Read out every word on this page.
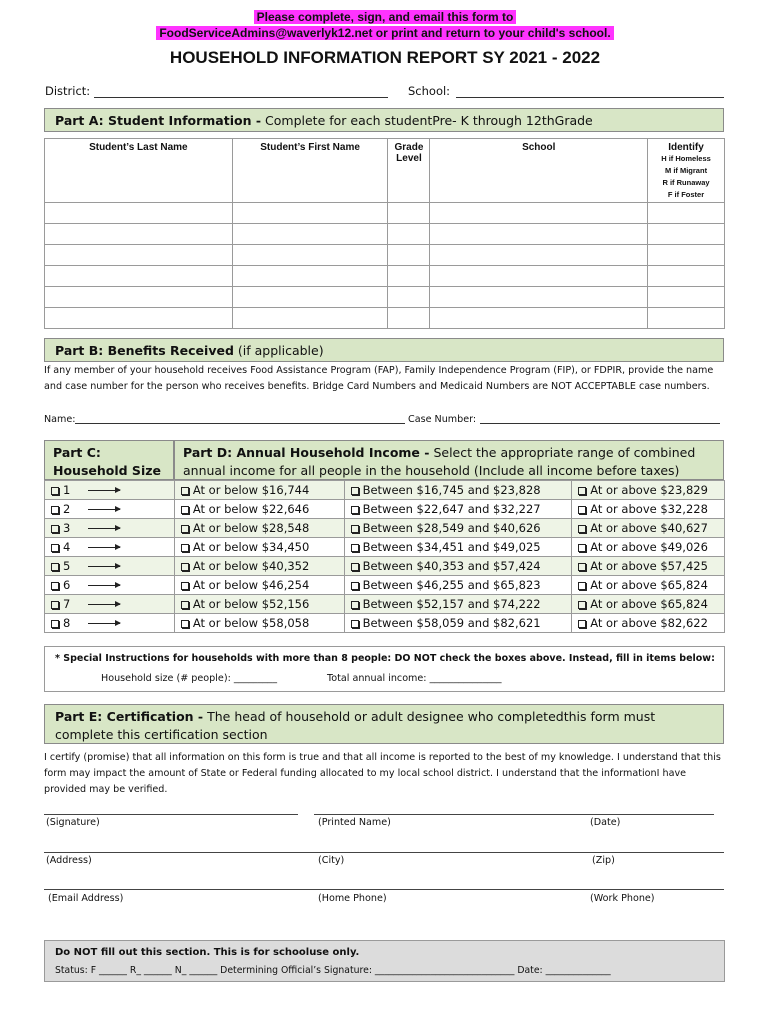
Please complete, sign, and email this form to
FoodServiceAdmins@waverlyk12.net or print and return to your child's school.
HOUSEHOLD INFORMATION REPORT SY 2021 - 2022
District:	School:
Part A: Student Information - Complete for each studentPre- K through 12thGrade
Student’s Last Name	Student’s First Name	Grade Level	School	Identify
H if Homeless
M if Migrant
R if Runaway
F if Foster

Part B: Benefits Received (if applicable)
If any member of your household receives Food Assistance Program (FAP), Family Independence Program (FIP), or FDPIR, provide the name and case number for the person who receives benefits. Bridge Card Numbers and Medicaid Numbers are NOT ACCEPTABLE case numbers.
Name:	Case Number:
Part C:
Household Size
Part D: Annual Household Income - Select the appropriate range of combined annual income for all people in the household (Include all income before taxes)
1	At or below $16,744	Between $16,745 and $23,828	At or above $23,829
2	At or below $22,646	Between $22,647 and $32,227	At or above $32,228
3	At or below $28,548	Between $28,549 and $40,626	At or above $40,627
4	At or below $34,450	Between $34,451 and $49,025	At or above $49,026
5	At or below $40,352	Between $40,353 and $57,424	At or above $57,425
6	At or below $46,254	Between $46,255 and $65,823	At or above $65,824
7	At or below $52,156	Between $52,157 and $74,222	At or above $65,824
8	At or below $58,058	Between $58,059 and $82,621	At or above $82,622
* Special Instructions for households with more than 8 people: DO NOT check the boxes above. Instead, fill in items below:
Household size (# people): _________	Total annual income: _______________
Part E: Certification - The head of household or adult designee who completedthis form must complete this certification section
I certify (promise) that all information on this form is true and that all income is reported to the best of my knowledge. I understand that this form may impact the amount of State or Federal funding allocated to my local school district. I understand that the informationI have provided may be verified.
(Signature)	(Printed Name)	(Date)
(Address)	(City)	(Zip)
(Email Address)	(Home Phone)	(Work Phone)
Do NOT fill out this section. This is for schooluse only.
Status: F ______ R_ ______ N_ ______ Determining Official’s Signature: ______________________________ Date: ______________
